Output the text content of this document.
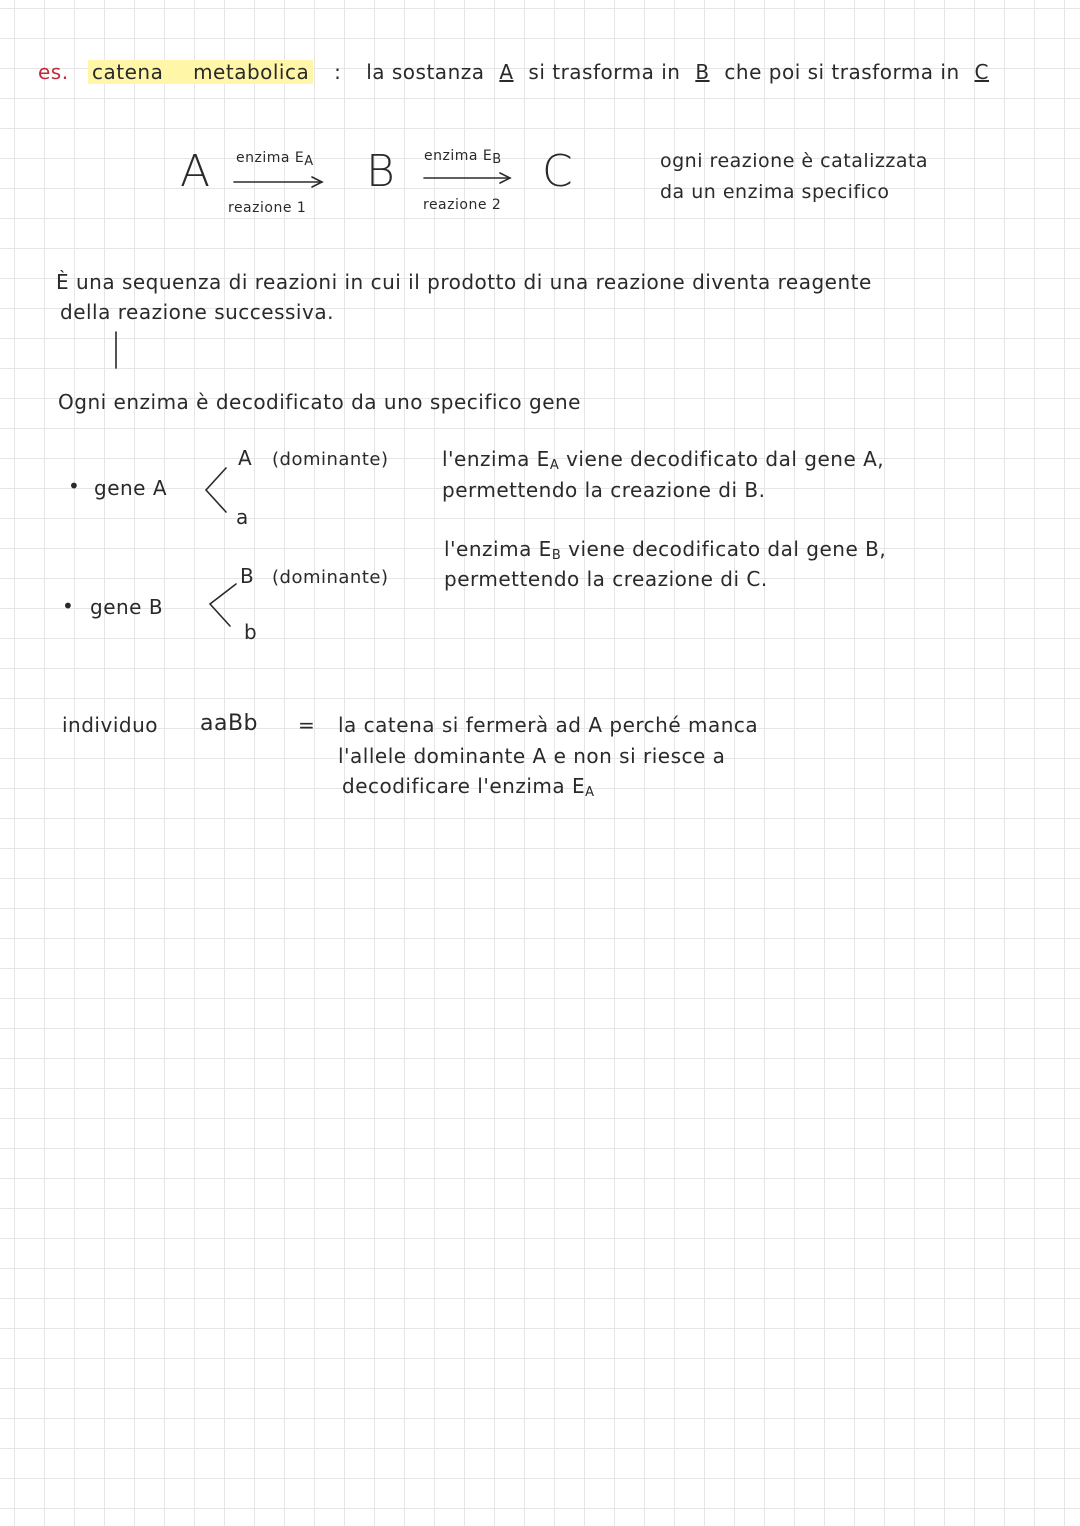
es. catena metabolica : la sostanza A si trasforma in B che poi si trasforma in C
A	B	C
enzima EA
reazione 1
enzima EB
reazione 2
ogni reazione è catalizzata
da un enzima specifico
È una sequenza di reazioni in cui il prodotto di una reazione diventa reagente
della reazione successiva.
Ogni enzima è decodificato da uno specifico gene
• gene A
A (dominante)
a
l'enzima $E_A$ viene decodificato dal gene A,
permettendo la creazione di B.
• gene B
B (dominante)
b
l'enzima $E_B$ viene decodificato dal gene B,
permettendo la creazione di C.
individuo aaBb = la catena si fermerà ad A perché manca
l'allele dominante A e non si riesce a
decodificare l'enzima $E_A$
